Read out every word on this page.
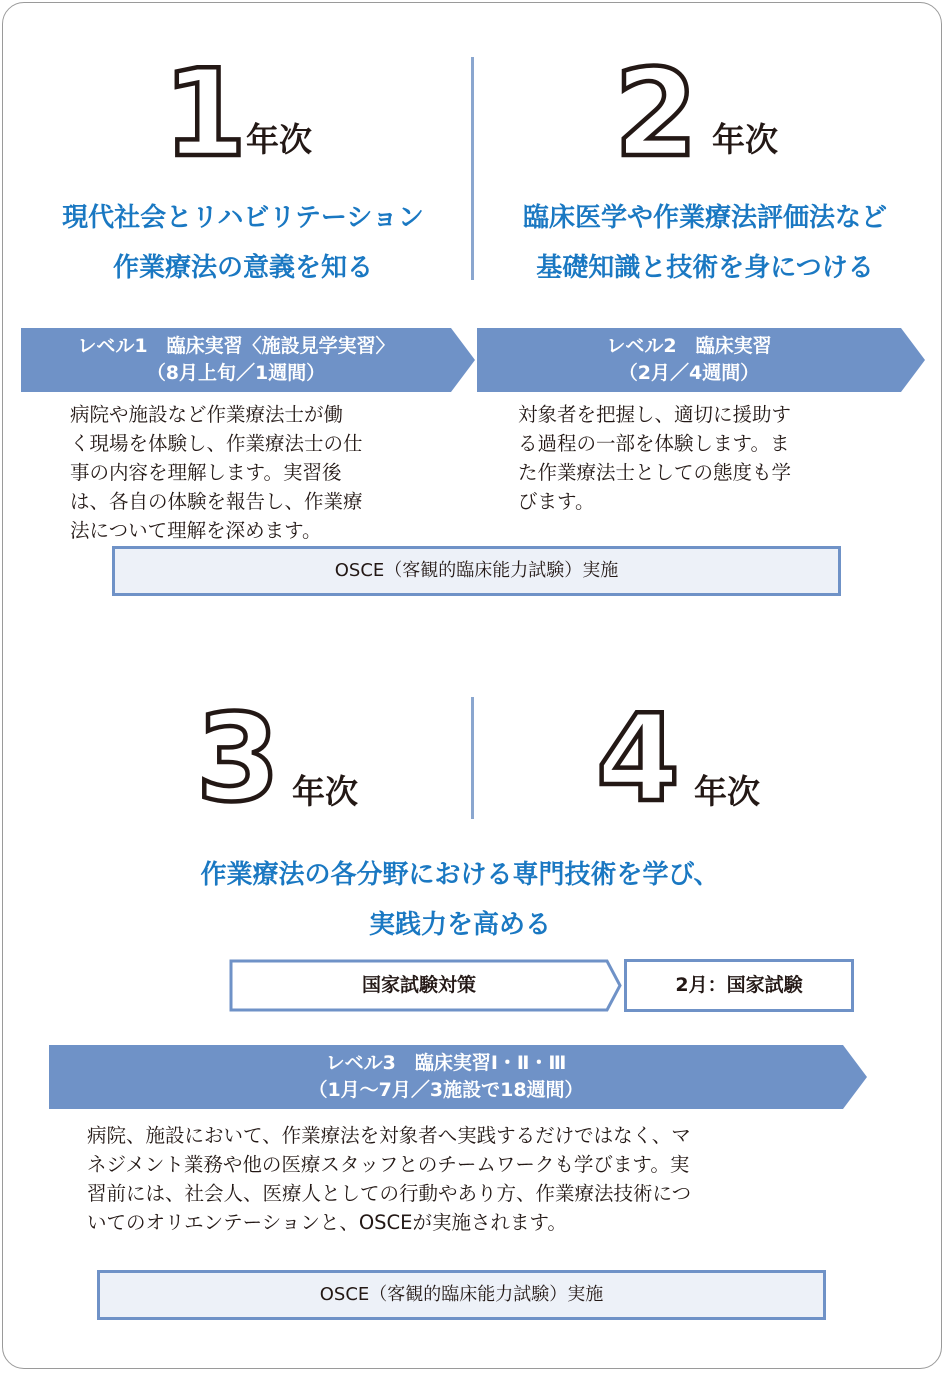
1 年次	2 年次
現代社会とリハビリテーション
作業療法の意義を知る
臨床医学や作業療法評価法など
基礎知識と技術を身につける
レベル1　臨床実習〈施設見学実習〉
（8月上旬／1週間）
レベル2　臨床実習
（2月／4週間）
病院や施設など作業療法士が働
く現場を体験し、作業療法士の仕
事の内容を理解します。実習後
は、各自の体験を報告し、作業療
法について理解を深めます。
対象者を把握し、適切に援助す
る過程の一部を体験します。ま
た作業療法士としての態度も学
びます。
OSCE（客観的臨床能力試験）実施
3 年次 4 年次
作業療法の各分野における専門技術を学び、
実践力を高める
国家試験対策	2月：国家試験
レベル3　臨床実習Ⅰ・Ⅱ・Ⅲ
（1月〜7月／3施設で18週間）
病院、施設において、作業療法を対象者へ実践するだけではなく、マ
ネジメント業務や他の医療スタッフとのチームワークも学びます。実
習前には、社会人、医療人としての行動やあり方、作業療法技術につ
いてのオリエンテーションと、OSCEが実施されます。
OSCE（客観的臨床能力試験）実施
